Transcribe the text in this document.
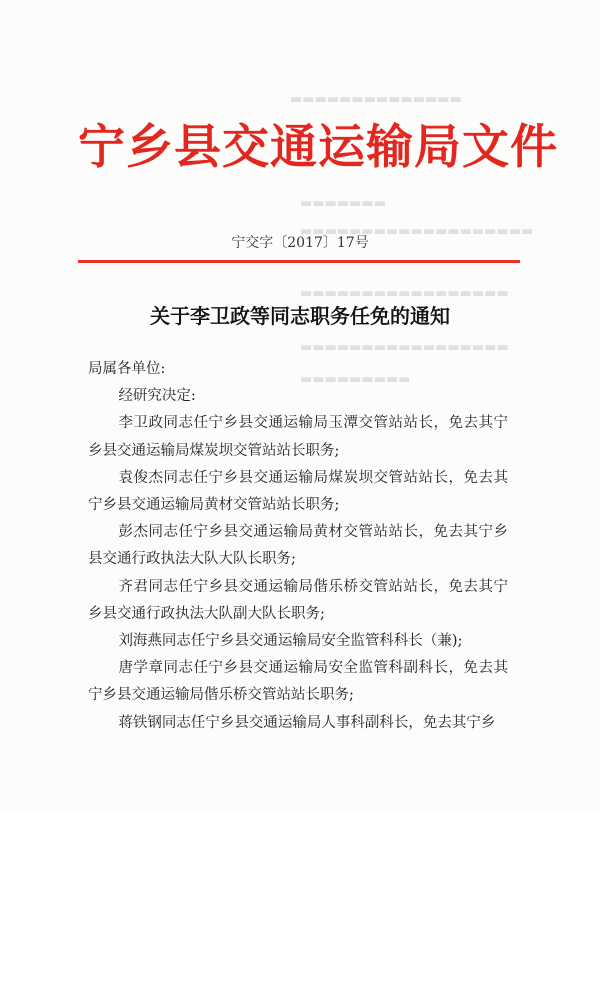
▬▬▬▬▬▬▬▬▬▬▬▬▬▬
▬▬▬▬▬▬▬
▬▬▬▬▬▬▬▬▬▬▬▬▬▬▬▬▬▬▬
▬▬▬▬▬▬▬▬▬▬▬▬▬▬▬▬▬
▬▬▬▬▬▬▬▬▬▬▬▬▬▬▬▬▬
▬▬▬▬▬▬▬▬▬
宁乡县交通运输局文件
宁交字〔2017〕17号
关于李卫政等同志职务任免的通知

局属各单位:

经研究决定:

李卫政同志任宁乡县交通运输局玉潭交管站站长，免去其宁乡县交通运输局煤炭坝交管站站长职务;

袁俊杰同志任宁乡县交通运输局煤炭坝交管站站长，免去其宁乡县交通运输局黄材交管站站长职务;

彭杰同志任宁乡县交通运输局黄材交管站站长，免去其宁乡县交通行政执法大队大队长职务;

齐君同志任宁乡县交通运输局偕乐桥交管站站长，免去其宁乡县交通行政执法大队副大队长职务;

刘海燕同志任宁乡县交通运输局安全监管科科长（兼);

唐学章同志任宁乡县交通运输局安全监管科副科长，免去其宁乡县交通运输局偕乐桥交管站站长职务;

蒋铁钢同志任宁乡县交通运输局人事科副科长，免去其宁乡
